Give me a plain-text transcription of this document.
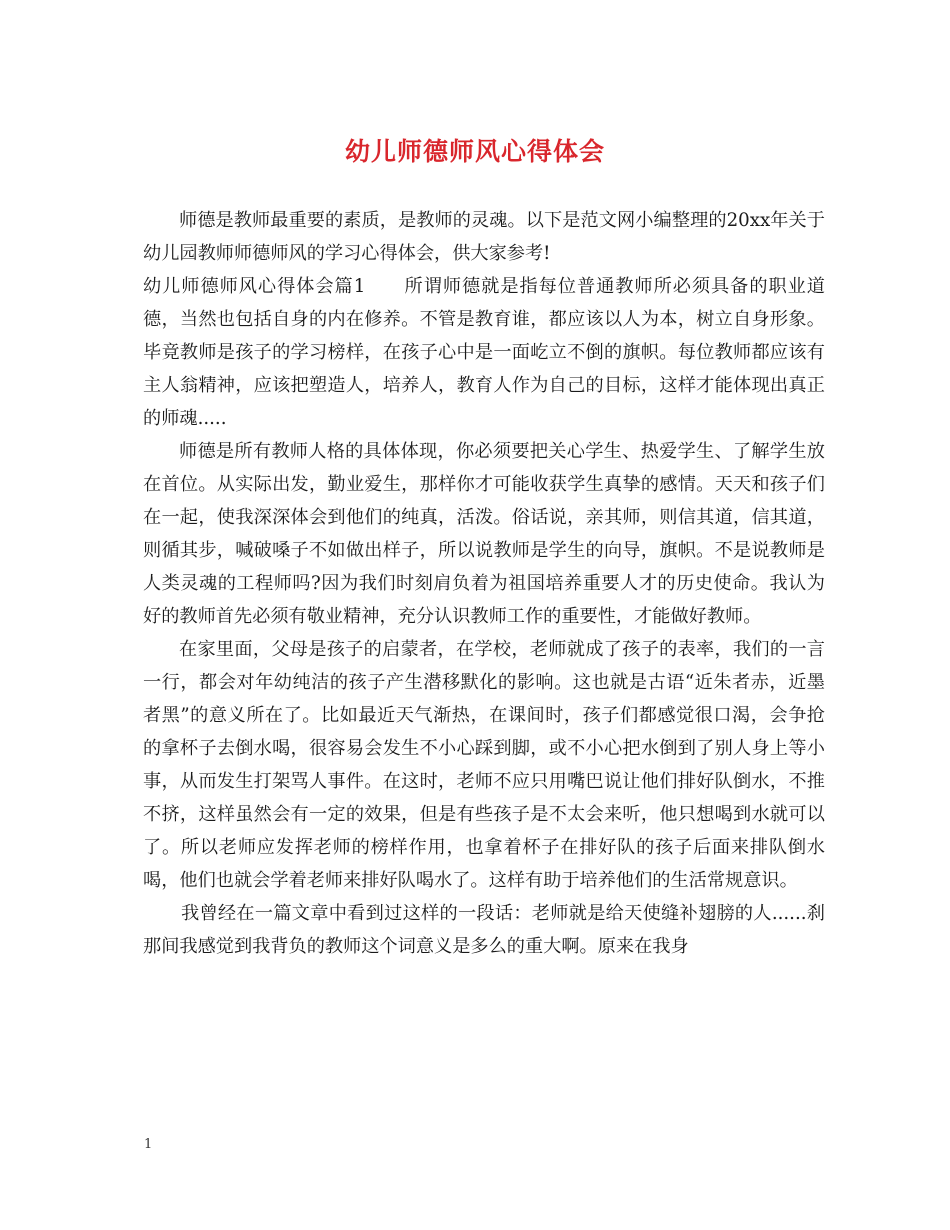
幼儿师德师风心得体会

师德是教师最重要的素质，是教师的灵魂。以下是范文网小编整理的20xx年关于幼儿园教师师德师风的学习心得体会，供大家参考!

幼儿师德师风心得体会篇1　　所谓师德就是指每位普通教师所必须具备的职业道德，当然也包括自身的内在修养。不管是教育谁，都应该以人为本，树立自身形象。毕竟教师是孩子的学习榜样，在孩子心中是一面屹立不倒的旗帜。每位教师都应该有主人翁精神，应该把塑造人，培养人，教育人作为自己的目标，这样才能体现出真正的师魂.....

师德是所有教师人格的具体体现，你必须要把关心学生、热爱学生、了解学生放在首位。从实际出发，勤业爱生，那样你才可能收获学生真挚的感情。天天和孩子们在一起，使我深深体会到他们的纯真，活泼。俗话说，亲其师，则信其道，信其道，则循其步，喊破嗓子不如做出样子，所以说教师是学生的向导，旗帜。不是说教师是人类灵魂的工程师吗?因为我们时刻肩负着为祖国培养重要人才的历史使命。我认为好的教师首先必须有敬业精神，充分认识教师工作的重要性，才能做好教师。

在家里面，父母是孩子的启蒙者，在学校，老师就成了孩子的表率，我们的一言一行，都会对年幼纯洁的孩子产生潜移默化的影响。这也就是古语“近朱者赤，近墨者黑”的意义所在了。比如最近天气渐热，在课间时，孩子们都感觉很口渴，会争抢的拿杯子去倒水喝，很容易会发生不小心踩到脚，或不小心把水倒到了别人身上等小事，从而发生打架骂人事件。在这时，老师不应只用嘴巴说让他们排好队倒水，不推不挤，这样虽然会有一定的效果，但是有些孩子是不太会来听，他只想喝到水就可以了。所以老师应发挥老师的榜样作用，也拿着杯子在排好队的孩子后面来排队倒水喝，他们也就会学着老师来排好队喝水了。这样有助于培养他们的生活常规意识。

我曾经在一篇文章中看到过这样的一段话：老师就是给天使缝补翅膀的人......刹那间我感觉到我背负的教师这个词意义是多么的重大啊。原来在我身

1
